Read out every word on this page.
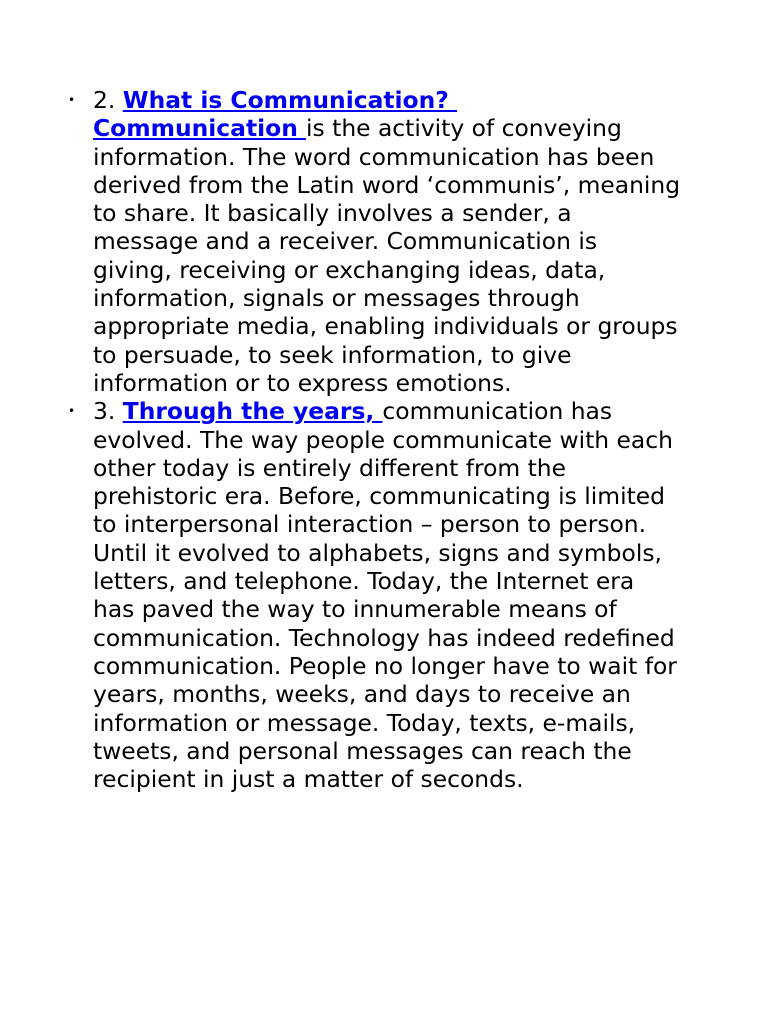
• 2. What is Communication?
Communication is the activity of conveying information. The word communication has been derived from the Latin word ‘communis’, meaning to share. It basically involves a sender, a message and a receiver. Communication is giving, receiving or exchanging ideas, data, information, signals or messages through appropriate media, enabling individuals or groups to persuade, to seek information, to give information or to express emotions.
• 3. Through the years, communication has evolved. The way people communicate with each other today is entirely different from the prehistoric era. Before, communicating is limited to interpersonal interaction – person to person. Until it evolved to alphabets, signs and symbols, letters, and telephone. Today, the Internet era has paved the way to innumerable means of communication. Technology has indeed redefined communication. People no longer have to wait for years, months, weeks, and days to receive an information or message. Today, texts, e-mails, tweets, and personal messages can reach the recipient in just a matter of seconds.
